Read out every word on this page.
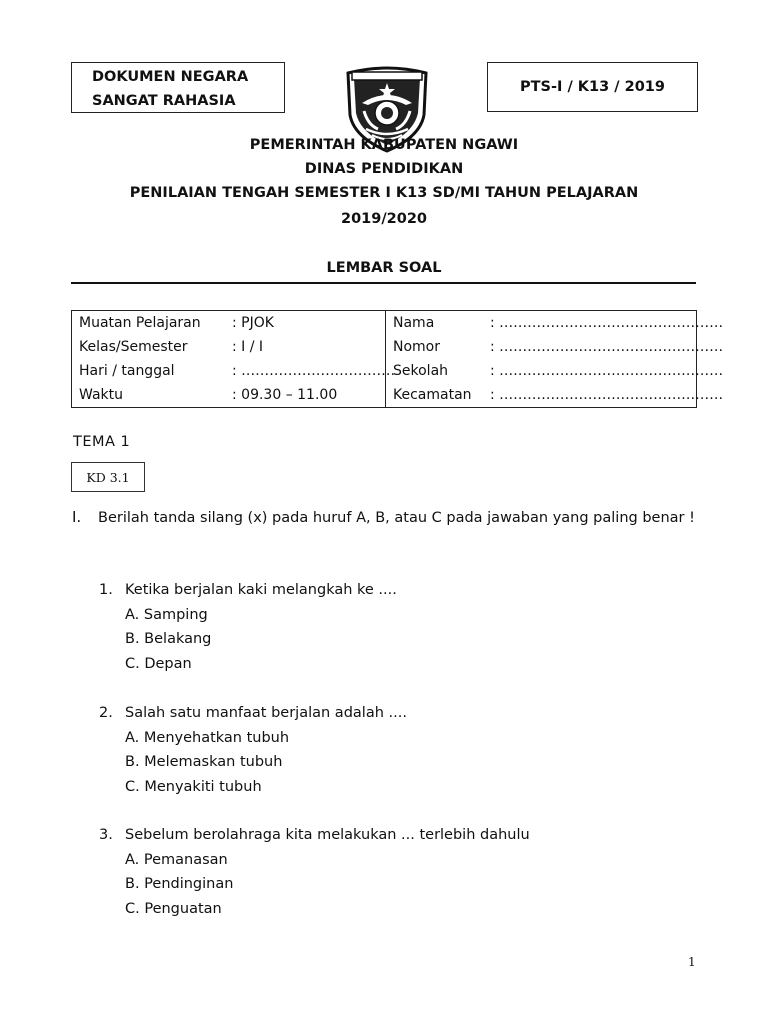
DOKUMEN NEGARA
SANGAT RAHASIA
PTS-I / K13 / 2019
PEMERINTAH KABUPATEN NGAWI
DINAS PENDIDIKAN
PENILAIAN TENGAH SEMESTER I K13 SD/MI TAHUN PELAJARAN
2019/2020
LEMBAR SOAL
Muatan Pelajaran : PJOK
Kelas/Semester	: I / I
Hari / tanggal	: ……………………………
Waktu	: 09.30 – 11.00
Nama	: …………………………………………
Nomor	: …………………………………………
Sekolah	: …………………………………………
Kecamatan : …………………………………………
TEMA 1
KD 3.1
I. Berilah tanda silang (x) pada huruf A, B, atau C pada jawaban yang paling benar !
1. Ketika berjalan kaki melangkah ke ....
A. Samping
B. Belakang
C. Depan
2. Salah satu manfaat berjalan adalah ....
A. Menyehatkan tubuh
B. Melemaskan tubuh
C. Menyakiti tubuh
3. Sebelum berolahraga kita melakukan ... terlebih dahulu
A. Pemanasan
B. Pendinginan
C. Penguatan
1
